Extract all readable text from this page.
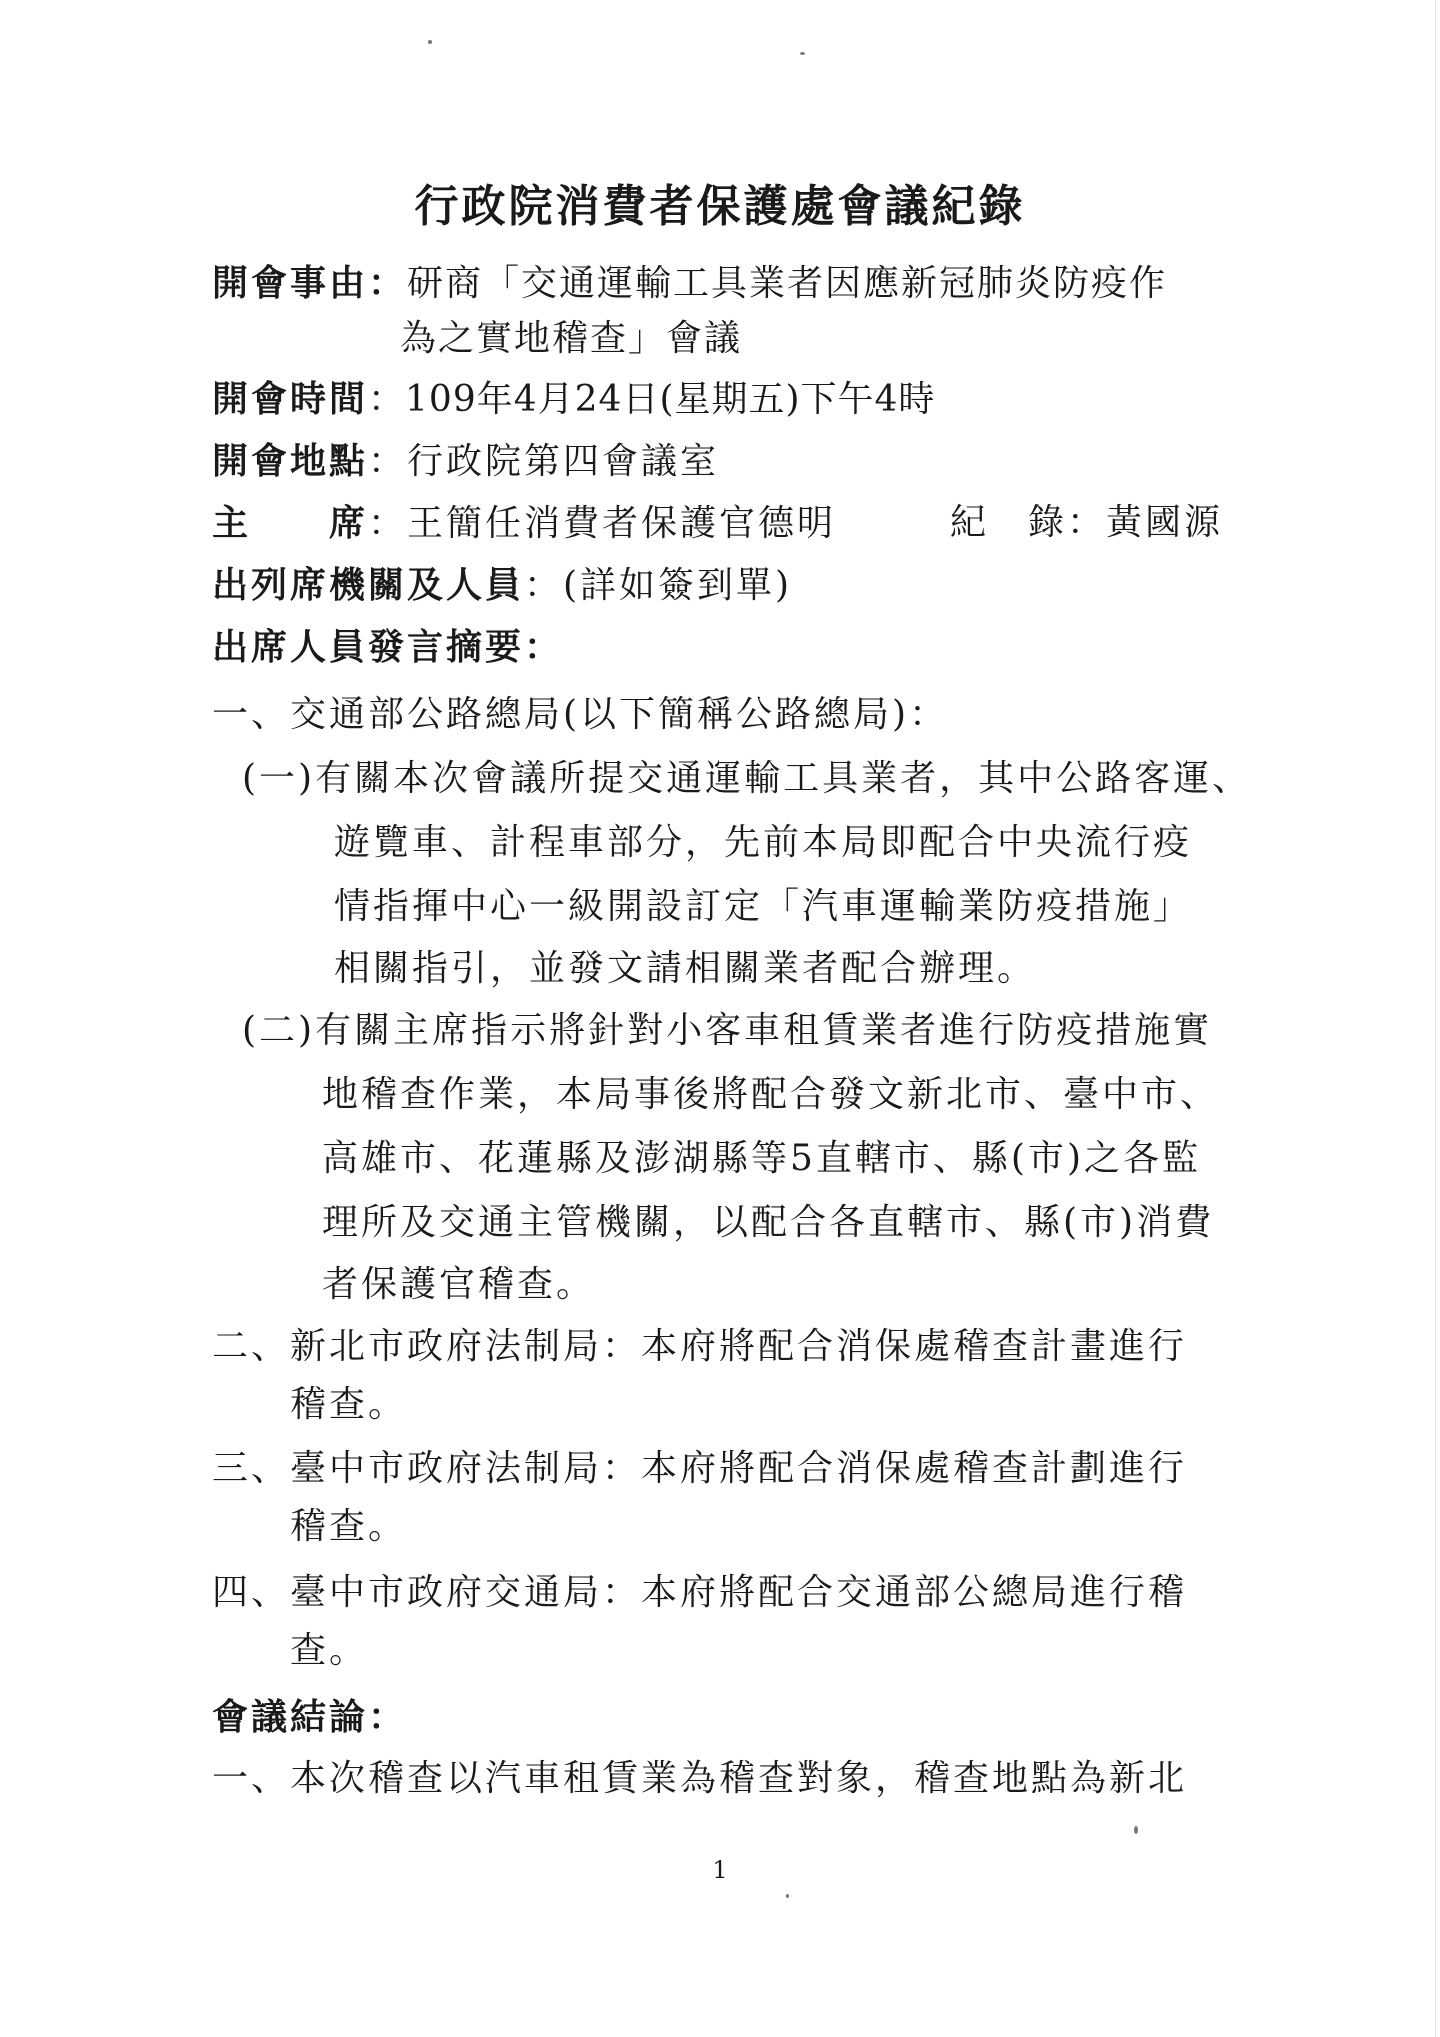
行政院消費者保護處會議紀錄
開會事由：研商「交通運輸工具業者因應新冠肺炎防疫作
為之實地稽查」會議
開會時間：109年4月24日(星期五)下午4時
開會地點：行政院第四會議室
主　　席：王簡任消費者保護官德明	紀　錄：黃國源
出列席機關及人員：(詳如簽到單)
出席人員發言摘要：
一、交通部公路總局(以下簡稱公路總局)：
(一)有關本次會議所提交通運輸工具業者，其中公路客運、
遊覽車、計程車部分，先前本局即配合中央流行疫
情指揮中心一級開設訂定「汽車運輸業防疫措施」
相關指引，並發文請相關業者配合辦理。
(二)有關主席指示將針對小客車租賃業者進行防疫措施實
地稽查作業，本局事後將配合發文新北市、臺中市、
高雄市、花蓮縣及澎湖縣等5直轄市、縣(市)之各監
理所及交通主管機關，以配合各直轄市、縣(市)消費
者保護官稽查。
二、新北市政府法制局：本府將配合消保處稽查計畫進行
稽查。
三、臺中市政府法制局：本府將配合消保處稽查計劃進行
稽查。
四、臺中市政府交通局：本府將配合交通部公總局進行稽
查。
會議結論：
一、本次稽查以汽車租賃業為稽查對象，稽查地點為新北
1
